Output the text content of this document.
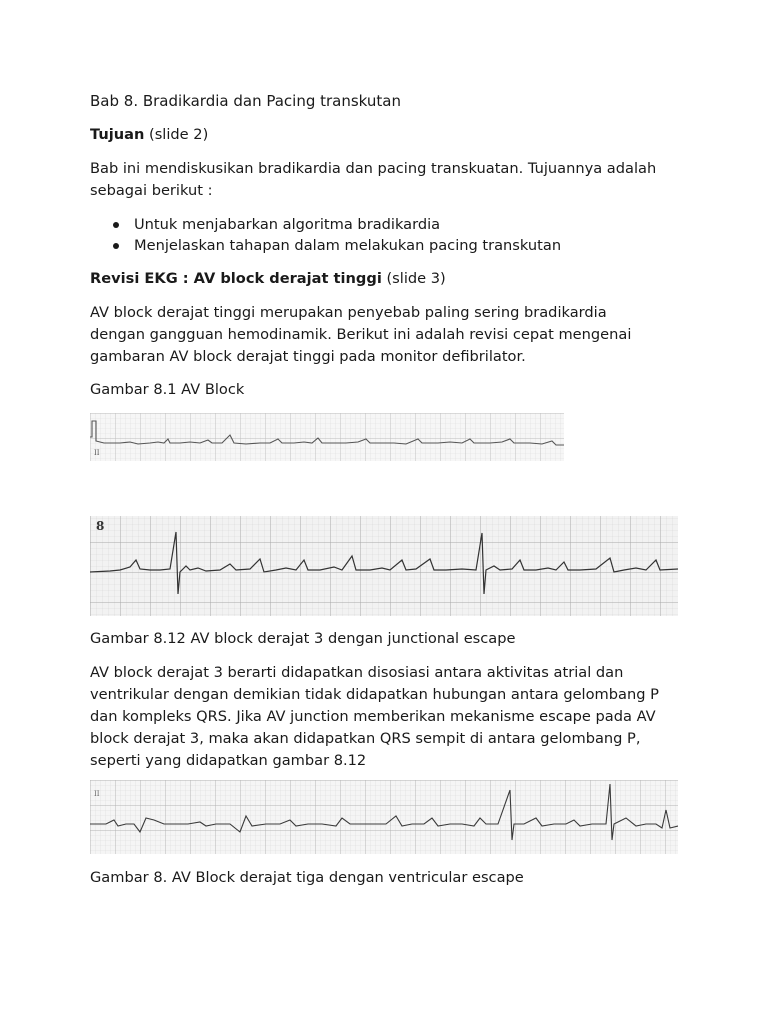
Bab 8. Bradikardia dan Pacing transkutan
Tujuan (slide 2)
Bab ini mendiskusikan bradikardia dan pacing transkuatan. Tujuannya adalah
sebagai berikut :
Untuk menjabarkan algoritma bradikardia
Menjelaskan tahapan dalam melakukan pacing transkutan
Revisi EKG : AV block derajat tinggi (slide 3)
AV block derajat tinggi merupakan penyebab paling sering bradikardia
dengan gangguan hemodinamik. Berikut ini adalah revisi cepat mengenai
gambaran AV block derajat tinggi pada monitor defibrilator.
Gambar 8.1 AV Block
II
8
Gambar 8.12 AV block derajat 3 dengan junctional escape
AV block derajat 3 berarti didapatkan disosiasi antara aktivitas atrial dan
ventrikular dengan demikian tidak didapatkan hubungan antara gelombang P
dan kompleks QRS. Jika AV junction memberikan mekanisme escape pada AV
block derajat 3, maka akan didapatkan QRS sempit di antara gelombang P,
seperti yang didapatkan gambar 8.12
II
Gambar 8. AV Block derajat tiga dengan ventricular escape
